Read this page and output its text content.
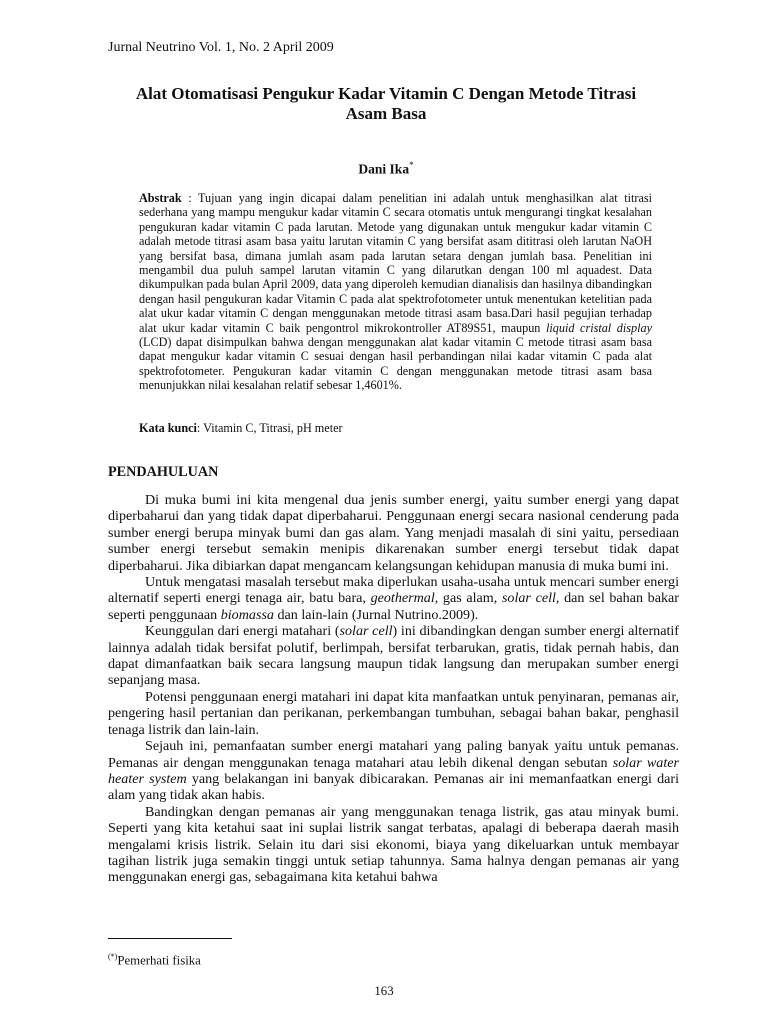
Jurnal Neutrino Vol. 1, No. 2 April 2009
Alat Otomatisasi Pengukur Kadar Vitamin C Dengan Metode Titrasi
Asam Basa
Dani Ika*

Abstrak : Tujuan yang ingin dicapai dalam penelitian ini adalah untuk menghasilkan alat titrasi sederhana yang mampu mengukur kadar vitamin C secara otomatis untuk mengurangi tingkat kesalahan pengukuran kadar vitamin C pada larutan. Metode yang digunakan untuk mengukur kadar vitamin C adalah metode titrasi asam basa yaitu larutan vitamin C yang bersifat asam dititrasi oleh larutan NaOH yang bersifat basa, dimana jumlah asam pada larutan setara dengan jumlah basa. Penelitian ini mengambil dua puluh sampel larutan vitamin C yang dilarutkan dengan 100 ml aquadest. Data dikumpulkan pada bulan April 2009, data yang diperoleh kemudian dianalisis dan hasilnya dibandingkan dengan hasil pengukuran kadar Vitamin C pada alat spektrofotometer untuk menentukan ketelitian pada alat ukur kadar vitamin C dengan menggunakan metode titrasi asam basa.Dari hasil pegujian terhadap alat ukur kadar vitamin C baik pengontrol mikrokontroller AT89S51, maupun liquid cristal display (LCD) dapat disimpulkan bahwa dengan menggunakan alat kadar vitamin C metode titrasi asam basa dapat mengukur kadar vitamin C sesuai dengan hasil perbandingan nilai kadar vitamin C pada alat spektrofotometer. Pengukuran kadar vitamin C dengan menggunakan metode titrasi asam basa menunjukkan nilai kesalahan relatif sebesar 1,4601%.

Kata kunci: Vitamin C, Titrasi, pH meter

PENDAHULUAN

Di muka bumi ini kita mengenal dua jenis sumber energi, yaitu sumber energi yang dapat diperbaharui dan yang tidak dapat diperbaharui. Penggunaan energi secara nasional cenderung pada sumber energi berupa minyak bumi dan gas alam. Yang menjadi masalah di sini yaitu, persediaan sumber energi tersebut semakin menipis dikarenakan sumber energi tersebut tidak dapat diperbaharui. Jika dibiarkan dapat mengancam kelangsungan kehidupan manusia di muka bumi ini.

Untuk mengatasi masalah tersebut maka diperlukan usaha-usaha untuk mencari sumber energi alternatif seperti energi tenaga air, batu bara, geothermal, gas alam, solar cell, dan sel bahan bakar seperti penggunaan biomassa dan lain-lain (Jurnal Nutrino.2009).

Keunggulan dari energi matahari (solar cell) ini dibandingkan dengan sumber energi alternatif lainnya adalah tidak bersifat polutif, berlimpah, bersifat terbarukan, gratis, tidak pernah habis, dan dapat dimanfaatkan baik secara langsung maupun tidak langsung dan merupakan sumber energi sepanjang masa.

Potensi penggunaan energi matahari ini dapat kita manfaatkan untuk penyinaran, pemanas air, pengering hasil pertanian dan perikanan, perkembangan tumbuhan, sebagai bahan bakar, penghasil tenaga listrik dan lain-lain.

Sejauh ini, pemanfaatan sumber energi matahari yang paling banyak yaitu untuk pemanas. Pemanas air dengan menggunakan tenaga matahari atau lebih dikenal dengan sebutan solar water heater system yang belakangan ini banyak dibicarakan. Pemanas air ini memanfaatkan energi dari alam yang tidak akan habis.

Bandingkan dengan pemanas air yang menggunakan tenaga listrik, gas atau minyak bumi. Seperti yang kita ketahui saat ini suplai listrik sangat terbatas, apalagi di beberapa daerah masih mengalami krisis listrik. Selain itu dari sisi ekonomi, biaya yang dikeluarkan untuk membayar tagihan listrik juga semakin tinggi untuk setiap tahunnya. Sama halnya dengan pemanas air yang menggunakan energi gas, sebagaimana kita ketahui bahwa

(*)Pemerhati fisika
163
